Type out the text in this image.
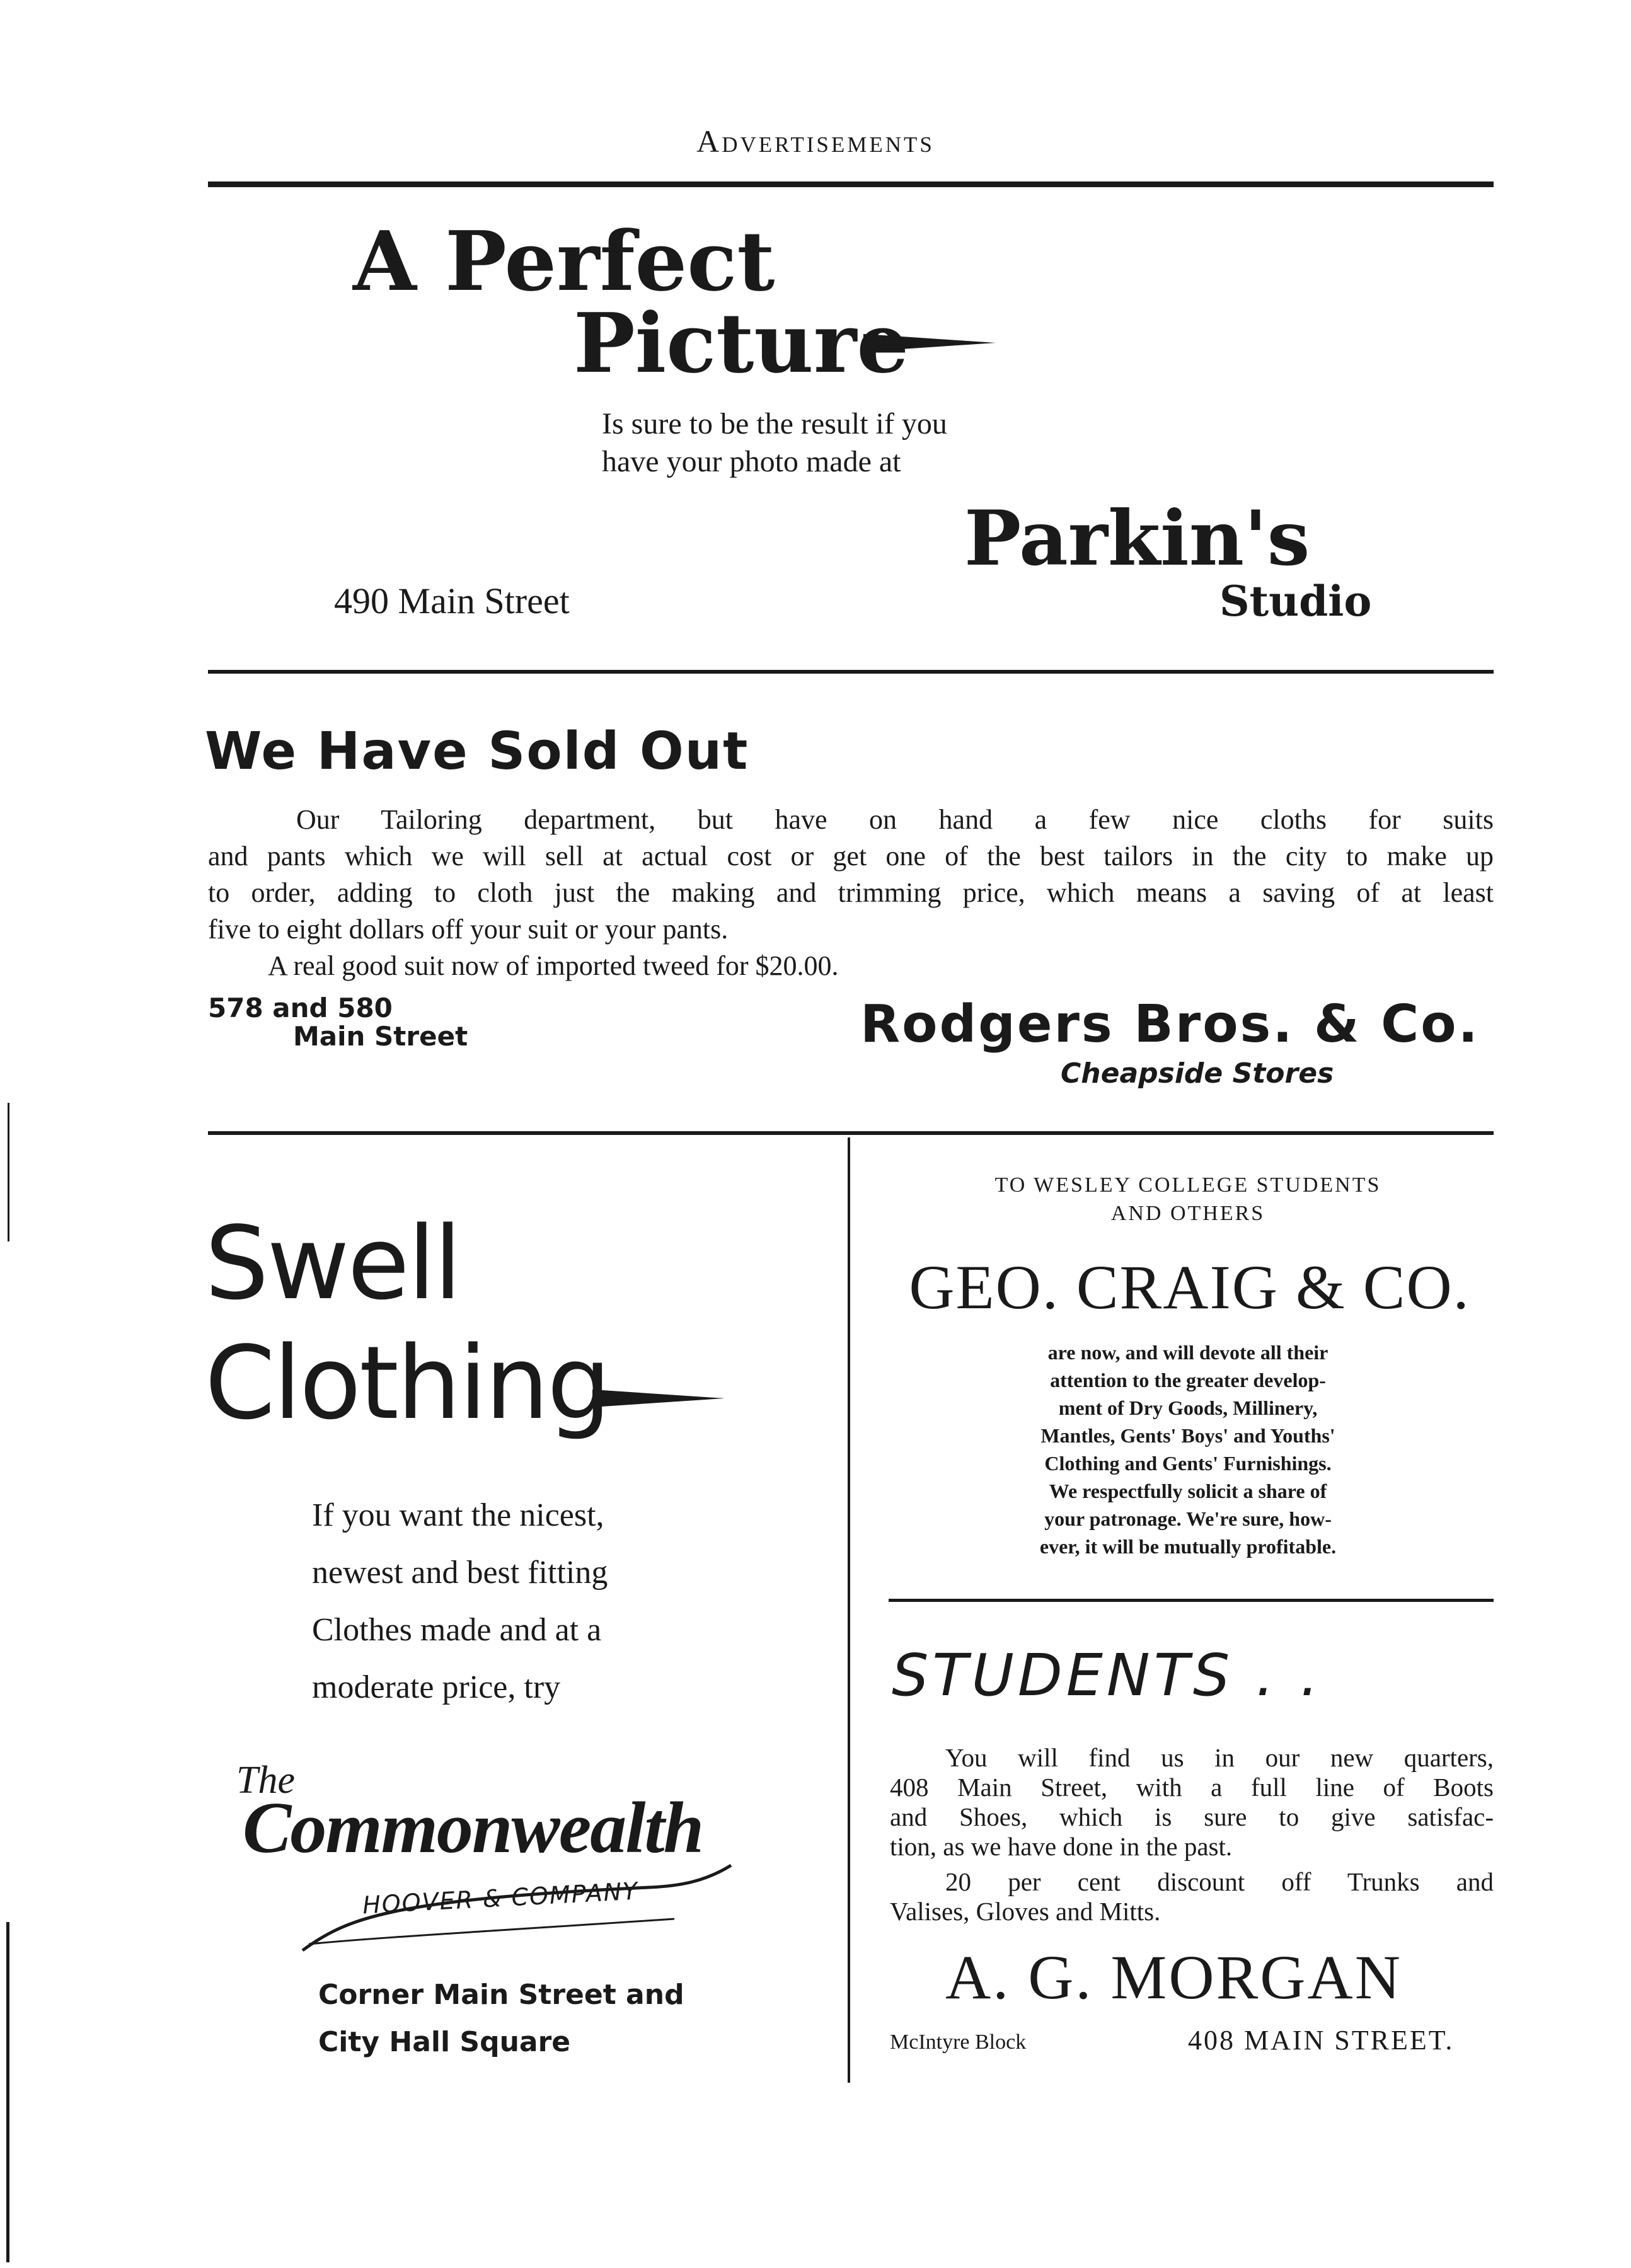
Advertisements
A Perfect
Picture
Is sure to be the result if you
have your photo made at
Parkin's
Studio
490 Main Street
We Have Sold Out
Our Tailoring department, but have on hand a few nice cloths for suits
and pants which we will sell at actual cost or get one of the best tailors in the city to make up
to order, adding to cloth just the making and trimming price, which means a saving of at least
five to eight dollars off your suit or your pants.
A real good suit now of imported tweed for $20.00.
578 and 580
Main Street	Rodgers Bros. & Co.
Cheapside Stores
Swell
Clothing
If you want the nicest,
newest and best fitting
Clothes made and at a
moderate price, try
The
Commonwealth
HOOVER & COMPANY
Corner Main Street and
City Hall Square
TO WESLEY COLLEGE STUDENTS
AND OTHERS
GEO. CRAIG & CO.
are now, and will devote all their
attention to the greater develop-
ment of Dry Goods, Millinery,
Mantles, Gents' Boys' and Youths'
Clothing and Gents' Furnishings.
We respectfully solicit a share of
your patronage. We're sure, how-
ever, it will be mutually profitable.
STUDENTS . .
You will find us in our new quarters,
408 Main Street, with a full line of Boots
and Shoes, which is sure to give satisfac-
tion, as we have done in the past.
20 per cent discount off Trunks and
Valises, Gloves and Mitts.
A. G. MORGAN
McIntyre Block	408 MAIN STREET.
